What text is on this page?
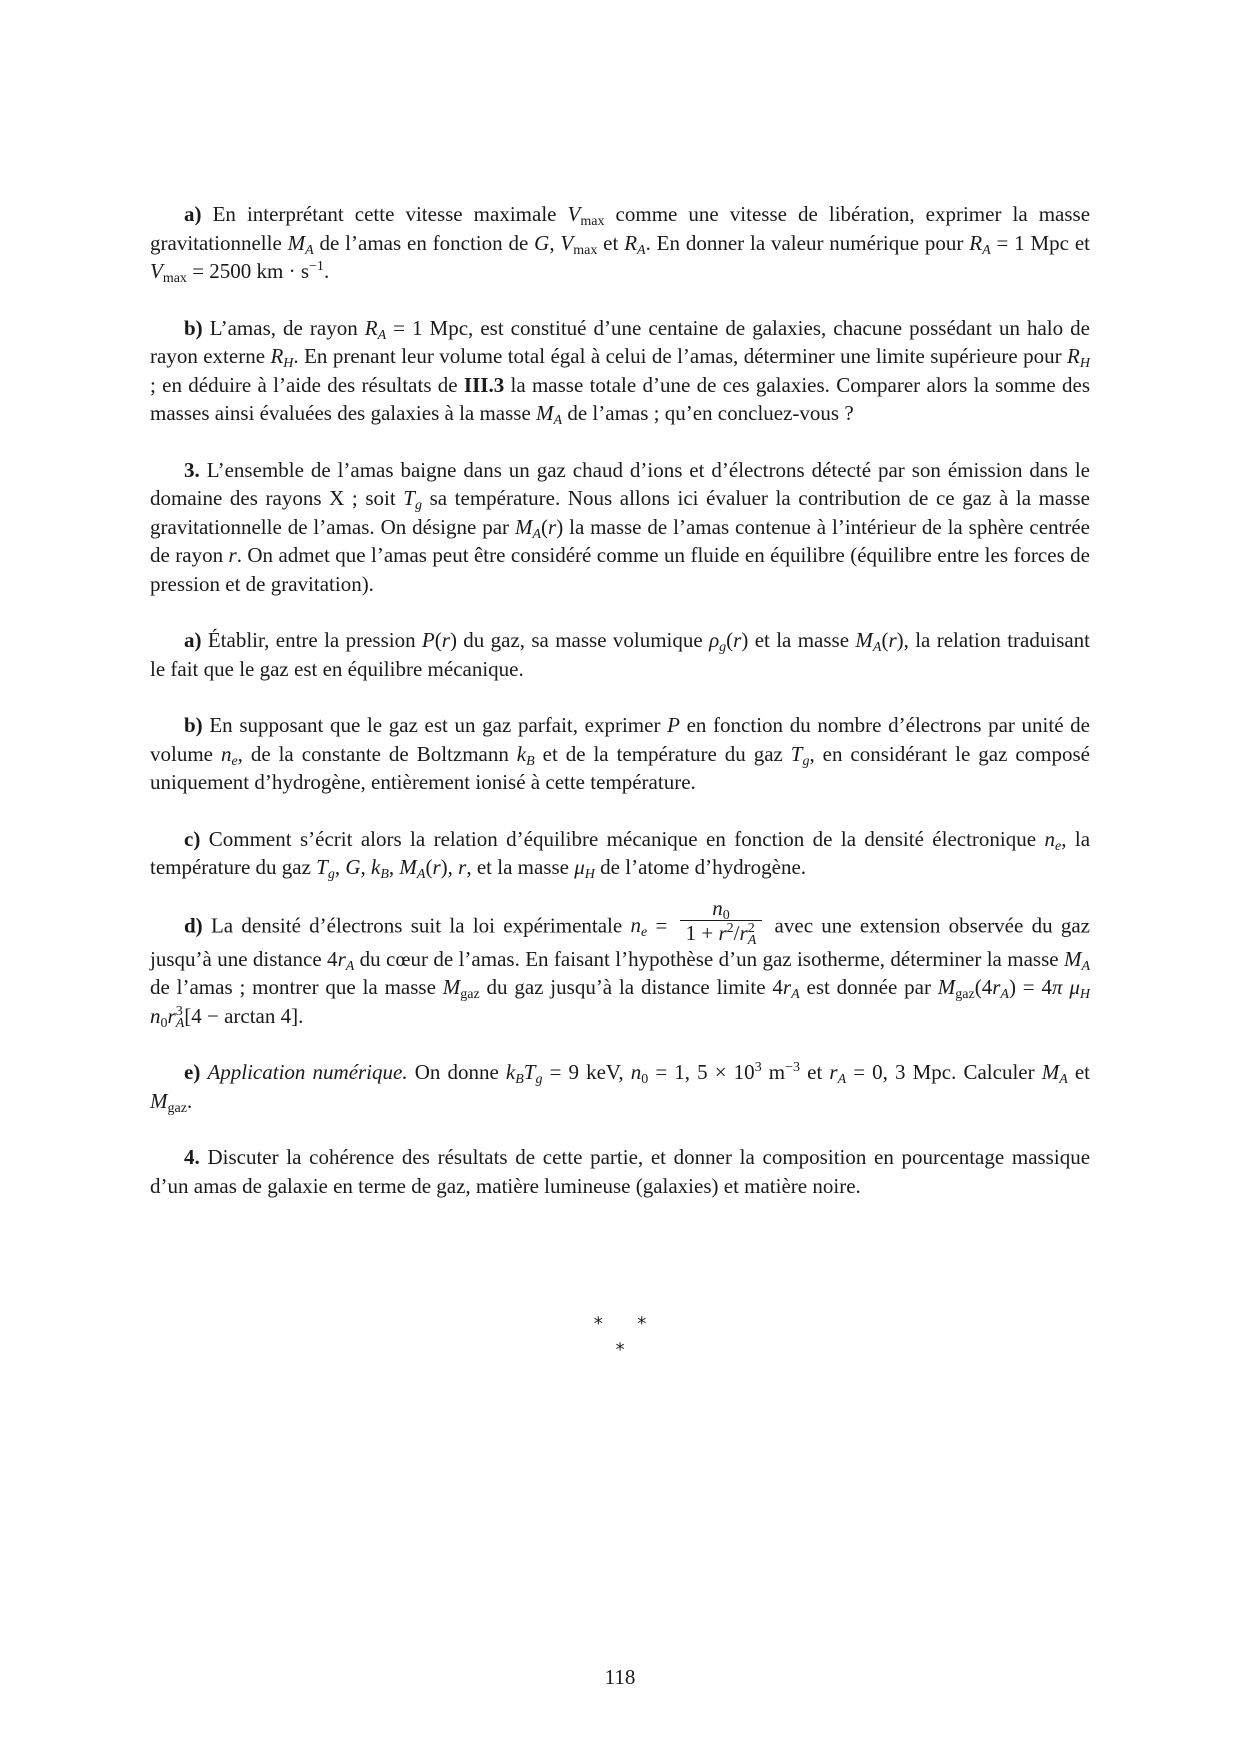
a) En interprétant cette vitesse maximale $V_{max}$ comme une vitesse de libération, exprimer la masse gravitationnelle $M_A$ de l’amas en fonction de G, $V_{max}$ et $R_A$. En donner la valeur numérique pour $R_A = 1$ Mpc et $V_{max} = 2500$ km · $s^{-1}$.

b) L’amas, de rayon $R_A = 1$ Mpc, est constitué d’une centaine de galaxies, chacune possédant un halo de rayon externe $R_H$. En prenant leur volume total égal à celui de l’amas, déterminer une limite supérieure pour $R_H$ ; en déduire à l’aide des résultats de III.3 la masse totale d’une de ces galaxies. Comparer alors la somme des masses ainsi évaluées des galaxies à la masse $M_A$ de l’amas ; qu’en concluez-vous ?

3. L’ensemble de l’amas baigne dans un gaz chaud d’ions et d’électrons détecté par son émission dans le domaine des rayons X ; soit $T_g$ sa température. Nous allons ici évaluer la contribution de ce gaz à la masse gravitationnelle de l’amas. On désigne par $M_A(r)$ la masse de l’amas contenue à l’intérieur de la sphère centrée de rayon r. On admet que l’amas peut être considéré comme un fluide en équilibre (équilibre entre les forces de pression et de gravitation).

a) Établir, entre la pression P(r) du gaz, sa masse volumique $\rho_g(r)$ et la masse $M_A(r)$, la relation traduisant le fait que le gaz est en équilibre mécanique.

b) En supposant que le gaz est un gaz parfait, exprimer P en fonction du nombre d’électrons par unité de volume $n_e$, de la constante de Boltzmann $k_B$ et de la température du gaz $T_g$, en considérant le gaz composé uniquement d’hydrogène, entièrement ionisé à cette température.

c) Comment s’écrit alors la relation d’équilibre mécanique en fonction de la densité électronique $n_e$, la température du gaz $T_g$, G, $k_B$, $M_A(r)$, r, et la masse $\mu_H$ de l’atome d’hydrogène.

d) La densité d’électrons suit la loi expérimentale $n_e = \frac{n_0}{1 + r^2/r^2_A}$ avec une extension observée du gaz jusqu’à une distance $4r_A$ du cœur de l’amas. En faisant l’hypothèse d’un gaz isotherme, déterminer la masse $M_A$ de l’amas ; montrer que la masse $M_{gaz}$ du gaz jusqu’à la distance limite $4r_A$ est donnée par $M_{gaz}(4r_A) = 4\pi$ $\mu_H$ $n_0r^3_A[4 - \arctan 4]$.

e) Application numérique. On donne $k_BT_g = 9$ keV, $n_0 = 1$, $5 \times 10^3$ $m^{-3}$ et $r_A = 0$, 3 Mpc. Calculer $M_A$ et $M_{gaz}$.

4. Discuter la cohérence des résultats de cette partie, et donner la composition en pourcentage massique d’un amas de galaxie en terme de gaz, matière lumineuse (galaxies) et matière noire.

∗   ∗
∗
118
